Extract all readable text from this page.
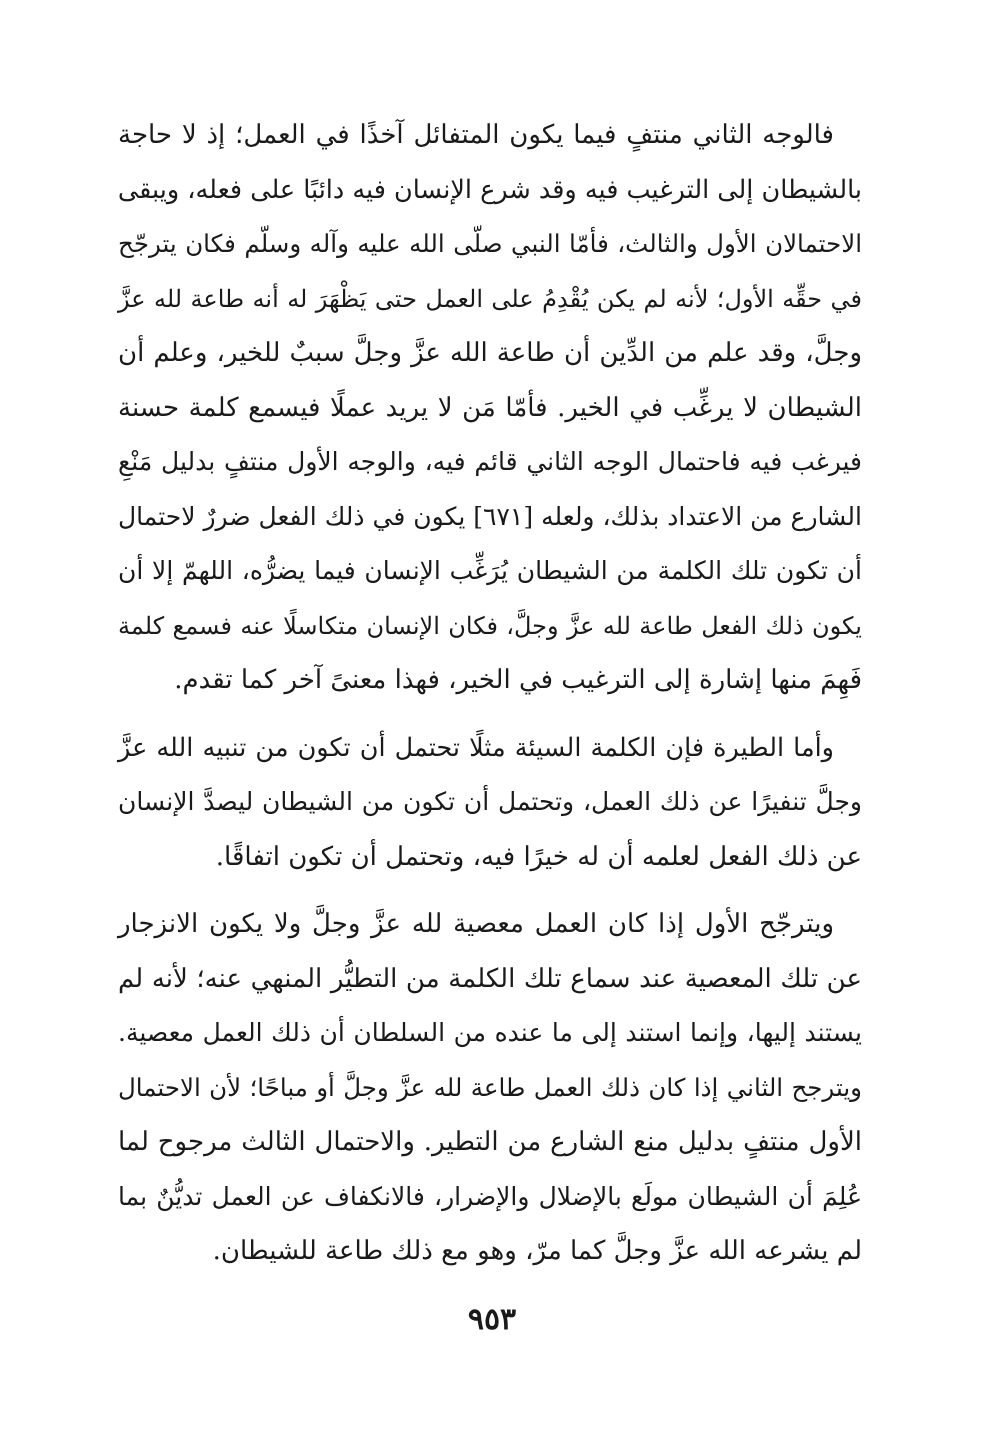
فالوجه الثاني منتفٍ فيما يكون المتفائل آخذًا في العمل؛ إذ لا حاجة
بالشيطان إلى الترغيب فيه وقد شرع الإنسان فيه دائبًا على فعله، ويبقى
الاحتمالان الأول والثالث، فأمّا النبي صلّى الله عليه وآله وسلّم فكان يترجّح
في حقِّه الأول؛ لأنه لم يكن يُقْدِمُ على العمل حتى يَظْهَرَ له أنه طاعة لله عزَّ
وجلَّ، وقد علم من الدِّين أن طاعة الله عزَّ وجلَّ سببٌ للخير، وعلم أن
الشيطان لا يرغِّب في الخير. فأمّا مَن لا يريد عملًا فيسمع كلمة حسنة
فيرغب فيه فاحتمال الوجه الثاني قائم فيه، والوجه الأول منتفٍ بدليل مَنْعِ
الشارع من الاعتداد بذلك، ولعله [٦٧١] يكون في ذلك الفعل ضررٌ لاحتمال
أن تكون تلك الكلمة من الشيطان يُرَغِّب الإنسان فيما يضرُّه، اللهمّ إلا أن
يكون ذلك الفعل طاعة لله عزَّ وجلَّ، فكان الإنسان متكاسلًا عنه فسمع كلمة
فَهِمَ منها إشارة إلى الترغيب في الخير، فهذا معنىً آخر كما تقدم.

وأما الطيرة فإن الكلمة السيئة مثلًا تحتمل أن تكون من تنبيه الله عزَّ
وجلَّ تنفيرًا عن ذلك العمل، وتحتمل أن تكون من الشيطان ليصدَّ الإنسان
عن ذلك الفعل لعلمه أن له خيرًا فيه، وتحتمل أن تكون اتفاقًا.

ويترجّح الأول إذا كان العمل معصية لله عزَّ وجلَّ ولا يكون الانزجار
عن تلك المعصية عند سماع تلك الكلمة من التطيُّر المنهي عنه؛ لأنه لم
يستند إليها، وإنما استند إلى ما عنده من السلطان أن ذلك العمل معصية.
ويترجح الثاني إذا كان ذلك العمل طاعة لله عزَّ وجلَّ أو مباحًا؛ لأن الاحتمال
الأول منتفٍ بدليل منع الشارع من التطير. والاحتمال الثالث مرجوح لما
عُلِمَ أن الشيطان مولَع بالإضلال والإضرار، فالانكفاف عن العمل تديُّنٌ بما
لم يشرعه الله عزَّ وجلَّ كما مرّ، وهو مع ذلك طاعة للشيطان.

٩٥٣
